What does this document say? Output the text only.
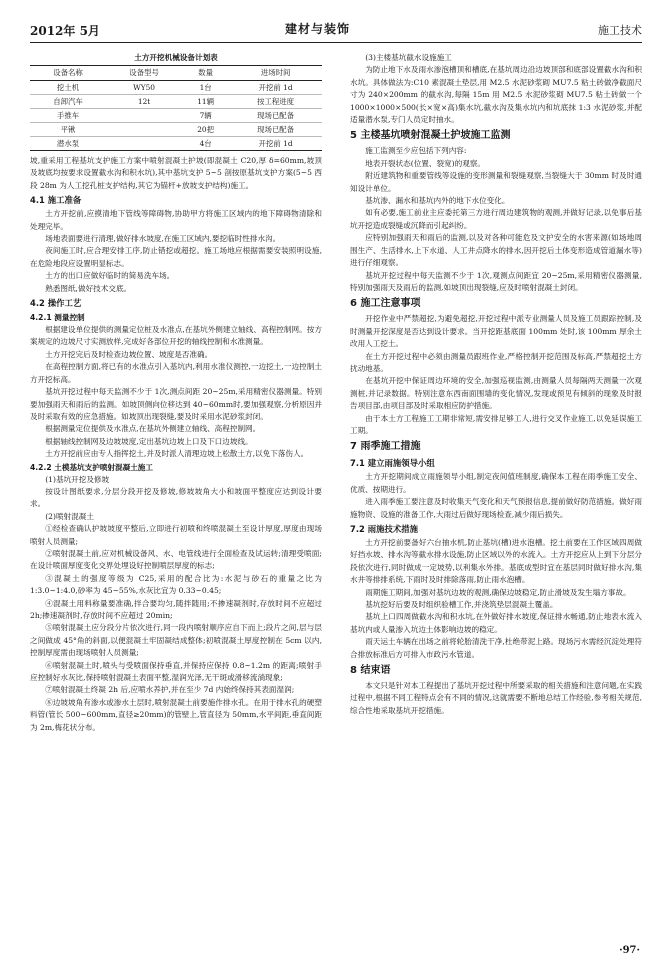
2012年 5月	建材与装饰	施工技术
土方开挖机械设备计划表
设备名称	设备型号	数量	进场时间
挖土机	WY50	1台	开挖前 1d
自卸汽车	12t	11辆	按工程进度
手推车		7辆	现场已配备
平锹		20把	现场已配备
潜水泵		4台	开挖前 1d

坡,重采用工程基坑支护施工方案中喷射混凝土护坡(即混凝土 C20,厚 δ=60mm,坡顶及坡底均按要求设置截水沟和积水坑),其中基坑支护 5~5 剖按原基坑支护方案(5~5 西段 28m 为人工挖孔桩支护结构,其它为锚杆+放坡支护结构)施工。

4.1 施工准备

土方开挖前,应摸清地下管线等障碍物,协助甲方将施工区域内的地下障碍物清除和处理完毕。

场地表面要进行清理,做好排水坡度,在施工区域内,要挖临时性排水沟。

夜间施工时,应合理安排工序,防止错挖或超挖。施工场地应根据需要安装照明设施,在危险地段应设置明显标志。

土方的出口应做好临时的简易洗车场。

熟悉图纸,做好技术交底。

4.2 操作工艺
4.2.1 测量控制

根据建设单位提供的测量定位桩及水准点,在基坑外侧建立轴线、高程控制网。按方案规定的边坡尺寸实测放样,完成好各部位开挖的轴线控制和水准测量。

土方开挖完后及时检查边坡位置、坡度是否准确。

在高程控制方面,将已有的水准点引入基坑内,利用水准仪测控,一边挖土,一边控制土方开挖标高。

基坑开挖过程中每天监测不少于 1次,测点间距 20~25m,采用精密仪器测量。特别要加强雨天和雨后的监测。如坡顶侧向位移达到 40~60mm时,要加强观察,分析原因并及时采取有效的应急措施。如坡顶出现裂缝,要及时采用水泥砂浆封闭。

根据测量定位提供及水准点,在基坑外侧建立轴线、高程控制网。

根据轴线控制网及边坡坡度,定出基坑边坡上口及下口边坡线。

土方开挖前应由专人指挥挖土,并及时派人清理边坡上松散土方,以免下落伤人。

4.2.2 土模基坑支护喷射混凝土施工

(1)基坑开挖及修坡

按设计图纸要求,分层分段开挖及修坡,修坡坡角大小和坡面平整度应达到设计要求。

(2)喷射混凝土

①经检查确认护坡坡度平整后,立即进行初喷和终喷混凝土至设计厚度,厚度由现场喷射人员测量;

②喷射混凝土前,应对机械设备风、水、电管线进行全面检查及试运转;清理受喷面;在设计喷面厚度变化交界处埋设好控制喷层厚度的标志;

③混凝土的强度等级为 C25,采用的配合比为:水泥与砂石的重量之比为 1:3.0~1:4.0,砂率为 45~55%,水灰比宜为 0.33~0.45;

④混凝土用料称量要准确,拌合要均匀,随拌随用;不掺速凝剂时,存放时间不应超过 2h;掺速凝剂时,存放时间不应超过 20min;

⑤喷射混凝土应分段分片依次进行,同一段内喷射顺序应自下而上;段片之间,层与层之间做成 45°角的斜面,以便混凝土牢固凝结成整体;初喷混凝土厚度控制在 5cm 以内,控制厚度需由现场喷射人员测量;

⑥喷射混凝土时,喷头与受喷面保持垂直,并保持应保持 0.8~1.2m 的距离;喷射手应控制好水灰比,保持喷射混凝土表面平整,湿润光泽,无干斑或滑移流淌现象;

⑦喷射混凝土终凝 2h 后,应喷水养护,并在至少 7d 内始终保持其表面湿润;

⑧边坡坡角有渗水或渗水土层时,喷射混凝土前要施作排水孔。在用于排水孔的硬塑料管(管长 500~600mm,直径≥20mm)的管壁上,管直径为 50mm,水平间距,垂直间距为 2m,梅花状分布。

(3)主楼基坑截水设施施工

为防止地下水及雨水渗泡槽顶和槽底,在基坑周边沿边坡顶部和底部设置截水沟和积水坑。具体做法为:C10 素混凝土垫层,用 M2.5 水泥砂浆砌 MU7.5 粘土砖做净截面尺寸为 240×200mm 的截水沟,每隔 15m 用 M2.5 水泥砂浆砌 MU7.5 粘土砖做一个 1000×1000×500(长×宽×高)集水坑,截水沟及集水坑内和坑底抹 1:3 水泥砂浆,并配适量潜水泵,专门人员定时抽水。

5 主楼基坑喷射混凝土护坡施工监测

施工监测至少应包括下列内容:

地表开裂状态(位置、裂宽)的观察。

附近建筑物和重要管线等设施的变形测量和裂缝观察,当裂缝大于 30mm 时及时通知设计单位。

基坑渗、漏水和基坑内外的地下水位变化。

如有必要,施工前业主应委托第三方进行周边建筑物的观测,并做好记录,以免事后基坑开挖造成裂缝或沉降而引起纠纷。

应特别加强雨天和雨后的监测,以及对各种可能危及文护安全的水害来源(如场地周围生产、生活排水,上下水道、人工井点降水的排水,因开挖后土体变形造成管道漏水等)进行仔细观察。

基坑开挖过程中每天监测不少于 1次,观测点间距宜 20~25m,采用精密仪器测量,特别加强雨天及雨后的监测,如坡顶出现裂缝,应及时喷射混凝土封闭。

6 施工注意事项

开挖作业中严禁超挖,为避免超挖,开挖过程中派专业测量人员及施工员跟踪控制,及时测量开挖深度是否达到设计要求。当开挖距基底面 100mm 处时,该 100mm 厚余土改用人工挖土。

在土方开挖过程中必须由测量员跟班作业,严格控制开挖范围及标高,严禁超挖土方扰动地基。

在基坑开挖中保证周边环境的安全,加强巡视监测,由测量人员每隔两天测量一次观测桩,并记录数据。特别注意东西南面围墙的变化情况,发现或预见有倾斜的现象及时报告项目部,由项目部及时采取相应防护措施。

由于本土方工程施工工期非常短,需安排足够工人,进行交叉作业施工,以免延误施工工期。

7 雨季施工措施
7.1 建立雨施领导小组

土方开挖期间成立雨施领导小组,制定夜间值班制度,确保本工程在雨季施工安全、优质、按期进行。

进入雨季施工要注意及时收集天气变化和天气预报信息,提前做好防范措施。做好雨施物资、设施的准备工作,大雨过后做好现场检查,减少雨后损失。

7.2 雨施技术措施

土方开挖前要备好六台抽水机,防止基坑(槽)进水泡槽。挖土前要在工作区域四周做好挡水坡、排水沟等截水排水设施,防止区域以外的水流入。土方开挖应从上到下分层分段依次进行,同时做成一定坡势,以利集水外排。基底成型时宜在基层同时做好排水沟,集水井等排排系统,下雨时及时排除落雨,防止雨水泡槽。

雨期施工期间,加强对基坑边坡的观测,确保边坡稳定,防止滑坡及发生塌方事故。

基坑挖好后要及时组织验槽工作,并浇筑垫层混凝土覆盖。

基坑上口四周做截水沟和积水坑,在外做好排水坡度,保证排水畅通,防止地表水流入基坑内或人量渗入坑边土体影响边坡的稳定。

雨天运土车辆在出场之前将轮胎清洗干净,杜绝带泥上路。现场污水需经沉淀处理符合排放标准后方可排入市政污水管道。

8 结束语

本文只是针对本工程提出了基坑开挖过程中所要采取的相关措施和注意问题,在实践过程中,根据不同工程特点会有不同的情况,这就需要不断地总结工作经验,参考相关规范,综合性地采取基坑开挖措施。

·97·
